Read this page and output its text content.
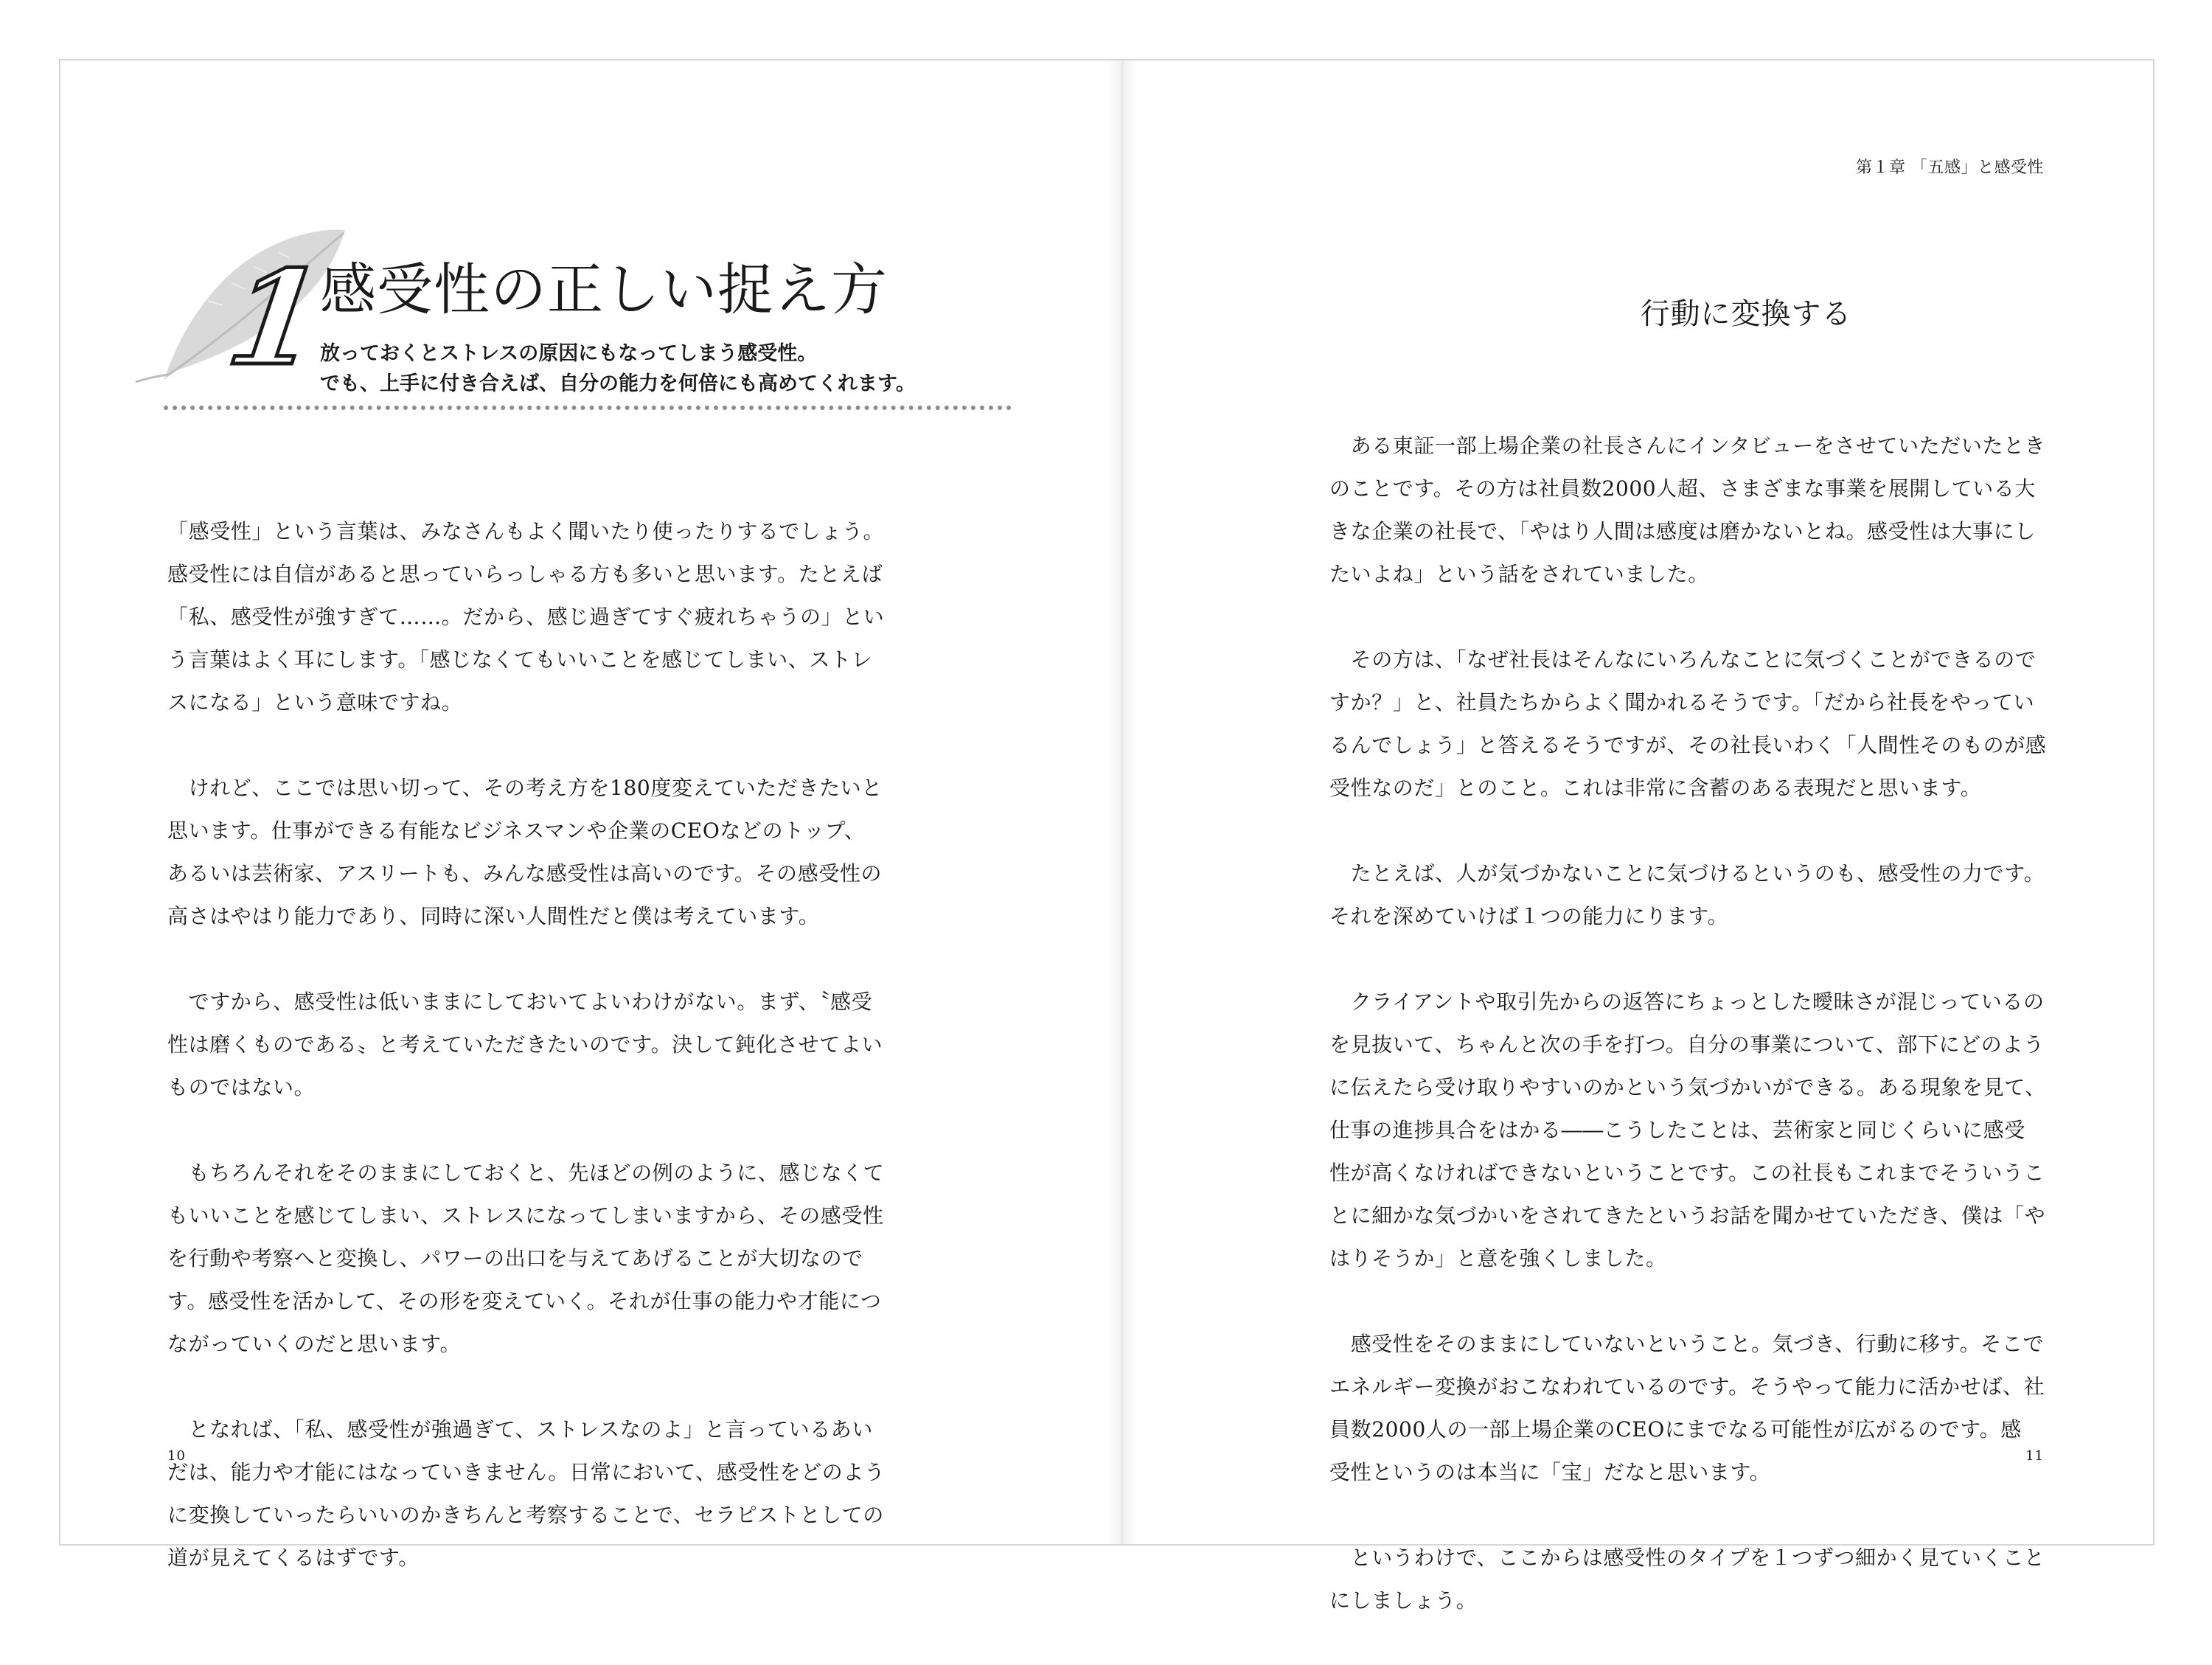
1
感受性の正しい捉え方
放っておくとストレスの原因にもなってしまう感受性。
でも、上手に付き合えば、自分の能力を何倍にも高めてくれます。

「感受性」という言葉は、みなさんもよく聞いたり使ったりするでしょう。
感受性には自信があると思っていらっしゃる方も多いと思います。たとえば
「私、感受性が強すぎて……。だから、感じ過ぎてすぐ疲れちゃうの」とい
う言葉はよく耳にします。「感じなくてもいいことを感じてしまい、ストレ
スになる」という意味ですね。

　けれど、ここでは思い切って、その考え方を180度変えていただきたいと
思います。仕事ができる有能なビジネスマンや企業のCEOなどのトップ、
あるいは芸術家、アスリートも、みんな感受性は高いのです。その感受性の
高さはやはり能力であり、同時に深い人間性だと僕は考えています。

　ですから、感受性は低いままにしておいてよいわけがない。まず、〝感受
性は磨くものである〟と考えていただきたいのです。決して鈍化させてよい
ものではない。

　もちろんそれをそのままにしておくと、先ほどの例のように、感じなくて
もいいことを感じてしまい、ストレスになってしまいますから、その感受性
を行動や考察へと変換し、パワーの出口を与えてあげることが大切なので
す。感受性を活かして、その形を変えていく。それが仕事の能力や才能につ
ながっていくのだと思います。

　となれば、「私、感受性が強過ぎて、ストレスなのよ」と言っているあい
だは、能力や才能にはなっていきません。日常において、感受性をどのよう
に変換していったらいいのかきちんと考察することで、セラピストとしての
道が見えてくるはずです。

10
第１章 「五感」と感受性
行動に変換する

　ある東証一部上場企業の社長さんにインタビューをさせていただいたとき
のことです。その方は社員数2000人超、さまざまな事業を展開している大
きな企業の社長で、「やはり人間は感度は磨かないとね。感受性は大事にし
たいよね」という話をされていました。

　その方は、「なぜ社長はそんなにいろんなことに気づくことができるので
すか？」と、社員たちからよく聞かれるそうです。「だから社長をやってい
るんでしょう」と答えるそうですが、その社長いわく「人間性そのものが感
受性なのだ」とのこと。これは非常に含蓄のある表現だと思います。

　たとえば、人が気づかないことに気づけるというのも、感受性の力です。
それを深めていけば１つの能力にります。

　クライアントや取引先からの返答にちょっとした曖昧さが混じっているの
を見抜いて、ちゃんと次の手を打つ。自分の事業について、部下にどのよう
に伝えたら受け取りやすいのかという気づかいができる。ある現象を見て、
仕事の進捗具合をはかる――こうしたことは、芸術家と同じくらいに感受
性が高くなければできないということです。この社長もこれまでそういうこ
とに細かな気づかいをされてきたというお話を聞かせていただき、僕は「や
はりそうか」と意を強くしました。

　感受性をそのままにしていないということ。気づき、行動に移す。そこで
エネルギー変換がおこなわれているのです。そうやって能力に活かせば、社
員数2000人の一部上場企業のCEOにまでなる可能性が広がるのです。感
受性というのは本当に「宝」だなと思います。

　というわけで、ここからは感受性のタイプを１つずつ細かく見ていくこと
にしましょう。

11
